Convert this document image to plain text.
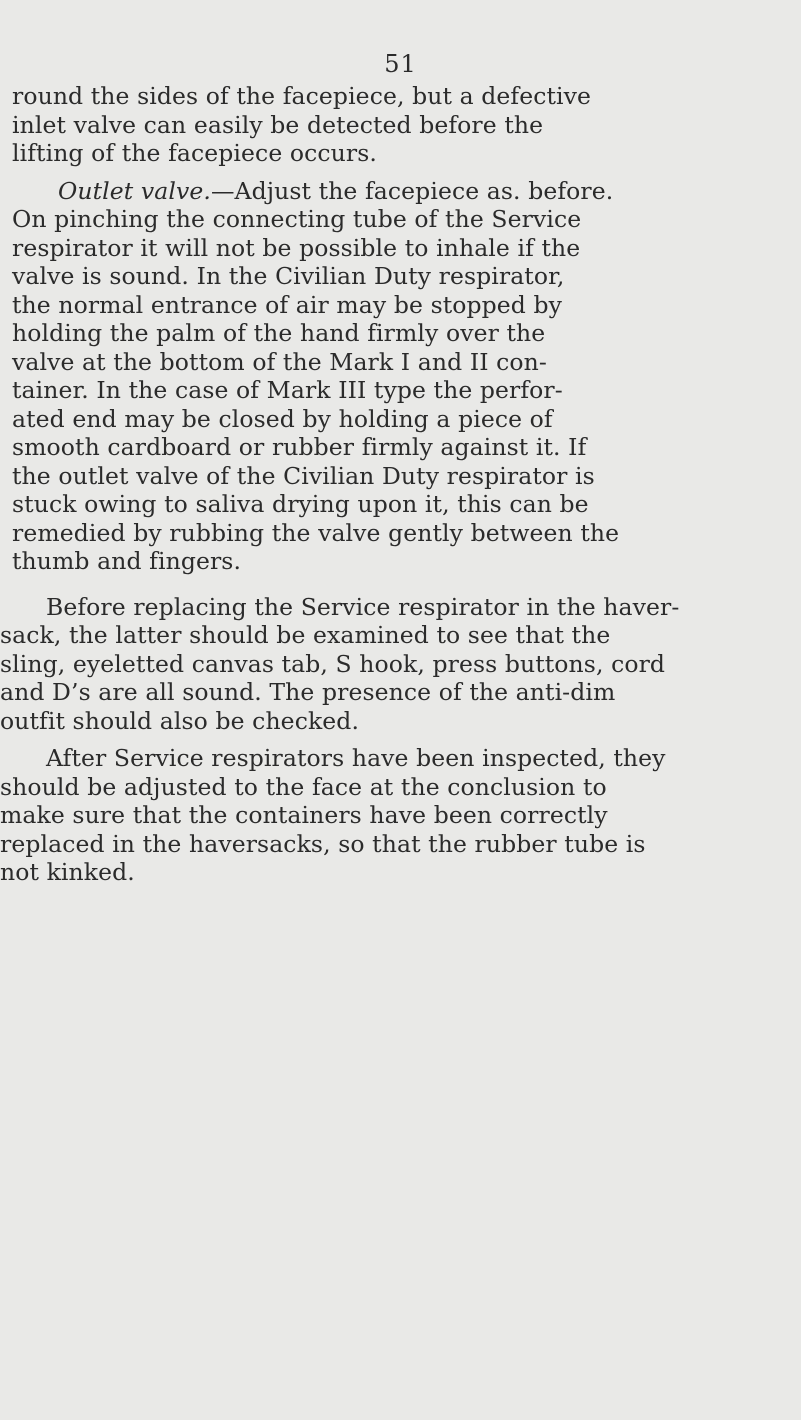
51
round the sides of the facepiece, but a defective
inlet valve can easily be detected before the
lifting of the facepiece occurs.
Outlet valve.—Adjust the facepiece as. before.
On pinching the connecting tube of the Service
respirator it will not be possible to inhale if the
valve is sound. In the Civilian Duty respirator,
the normal entrance of air may be stopped by
holding the palm of the hand firmly over the
valve at the bottom of the Mark I and II con-
tainer. In the case of Mark III type the perfor-
ated end may be closed by holding a piece of
smooth cardboard or rubber firmly against it. If
the outlet valve of the Civilian Duty respirator is
stuck owing to saliva drying upon it, this can be
remedied by rubbing the valve gently between the
thumb and fingers.
Before replacing the Service respirator in the haver-
sack, the latter should be examined to see that the
sling, eyeletted canvas tab, S hook, press buttons, cord
and D’s are all sound. The presence of the anti-dim
outfit should also be checked.
After Service respirators have been inspected, they
should be adjusted to the face at the conclusion to
make sure that the containers have been correctly
replaced in the haversacks, so that the rubber tube is
not kinked.
